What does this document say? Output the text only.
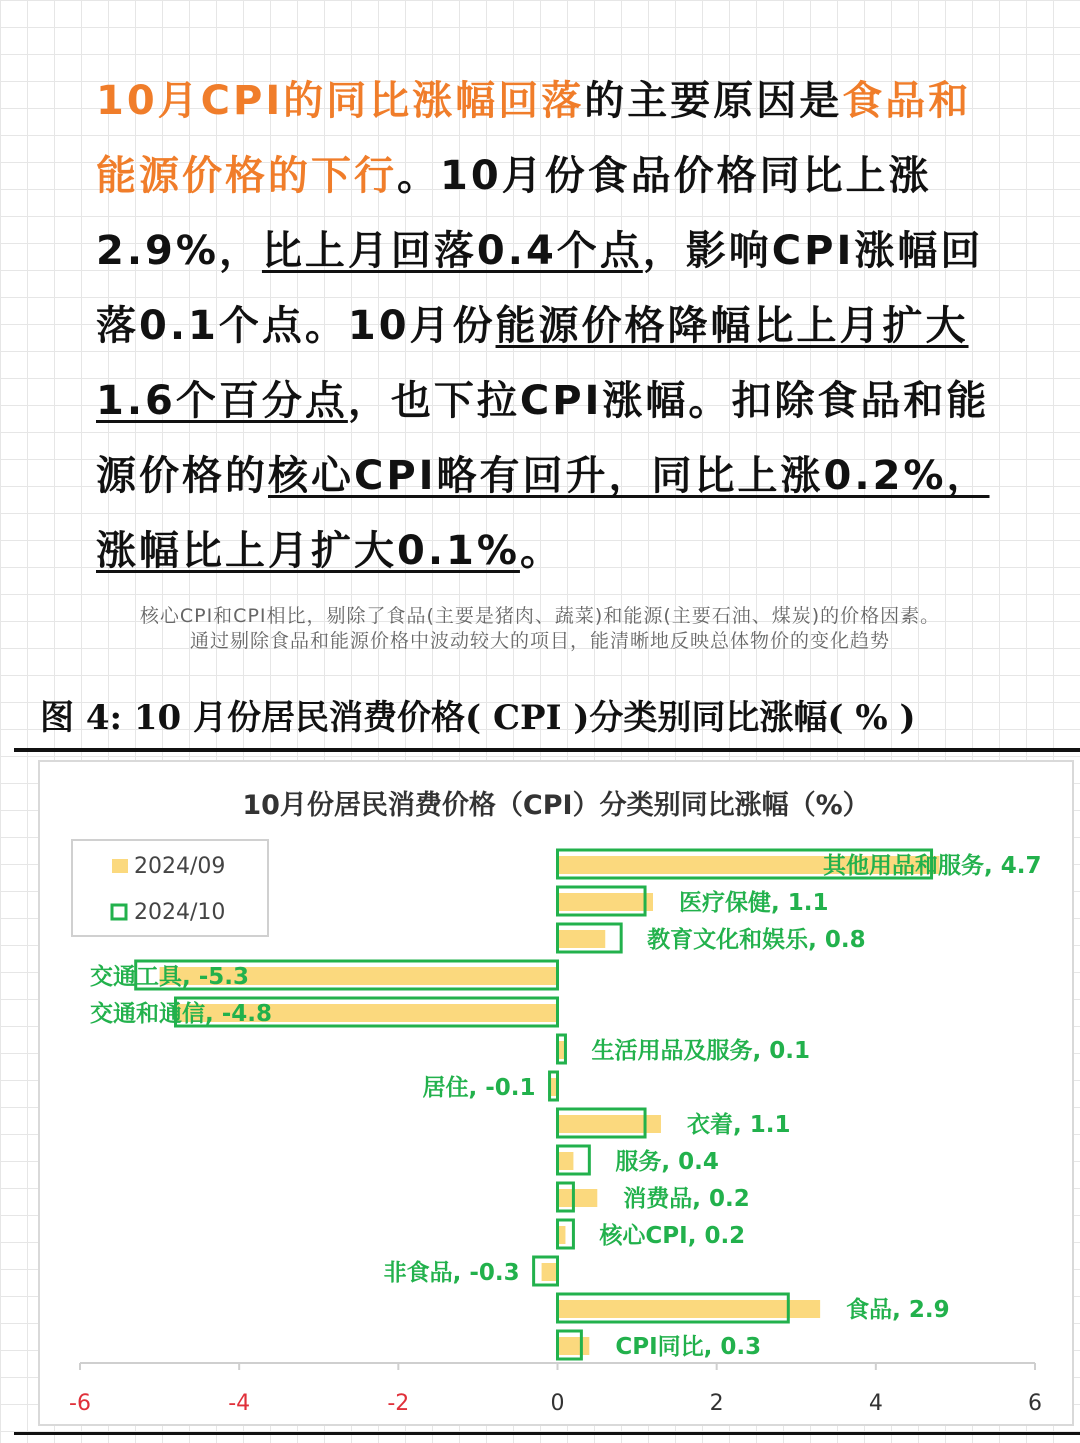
10月CPI的同比涨幅回落的主要原因是食品和能源价格的下行。10月份食品价格同比上涨2.9%，比上月回落0.4个点，影响CPI涨幅回落0.1个点。10月份能源价格降幅比上月扩大1.6个百分点，也下拉CPI涨幅。扣除食品和能源价格的核心CPI略有回升，同比上涨0.2%，涨幅比上月扩大0.1%。
核心CPI和CPI相比，剔除了食品(主要是猪肉、蔬菜)和能源(主要石油、煤炭)的价格因素。
通过剔除食品和能源价格中波动较大的项目，能清晰地反映总体物价的变化趋势
图 4: 10 月份居民消费价格( CPI )分类别同比涨幅( % )
10月份居民消费价格（CPI）分类别同比涨幅（%）
2024/09
2024/10
其他用品和服务, 4.7
医疗保健, 1.1
教育文化和娱乐, 0.8
交通工具, -5.3
交通和通信, -4.8
生活用品及服务, 0.1
居住, -0.1
衣着, 1.1
服务, 0.4
消费品, 0.2
核心CPI, 0.2
非食品, -0.3
食品, 2.9
CPI同比, 0.3
-6	-4	-2	0	2	4	6
